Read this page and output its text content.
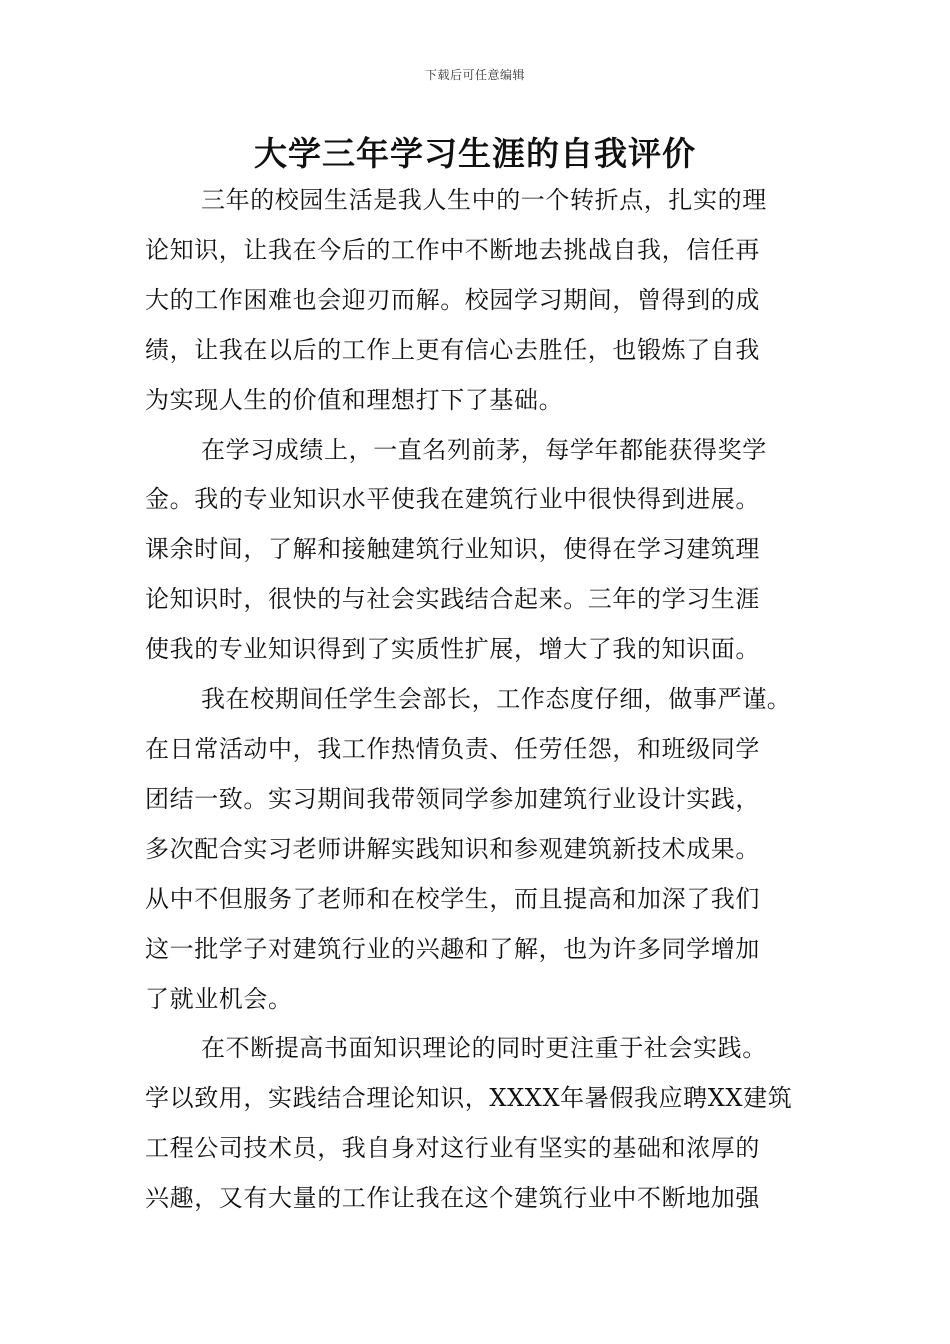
下载后可任意编辑
大学三年学习生涯的自我评价

三年的校园生活是我人生中的一个转折点，扎实的理
论知识，让我在今后的工作中不断地去挑战自我，信任再
大的工作困难也会迎刃而解。校园学习期间，曾得到的成
绩，让我在以后的工作上更有信心去胜任，也锻炼了自我
为实现人生的价值和理想打下了基础。

在学习成绩上，一直名列前茅，每学年都能获得奖学
金。我的专业知识水平使我在建筑行业中很快得到进展。
课余时间，了解和接触建筑行业知识，使得在学习建筑理
论知识时，很快的与社会实践结合起来。三年的学习生涯
使我的专业知识得到了实质性扩展，增大了我的知识面。

我在校期间任学生会部长，工作态度仔细，做事严谨。
在日常活动中，我工作热情负责、任劳任怨，和班级同学
团结一致。实习期间我带领同学参加建筑行业设计实践，
多次配合实习老师讲解实践知识和参观建筑新技术成果。
从中不但服务了老师和在校学生，而且提高和加深了我们
这一批学子对建筑行业的兴趣和了解，也为许多同学增加
了就业机会。

在不断提高书面知识理论的同时更注重于社会实践。
学以致用，实践结合理论知识，XXXX年暑假我应聘XX建筑
工程公司技术员，我自身对这行业有坚实的基础和浓厚的
兴趣，又有大量的工作让我在这个建筑行业中不断地加强
